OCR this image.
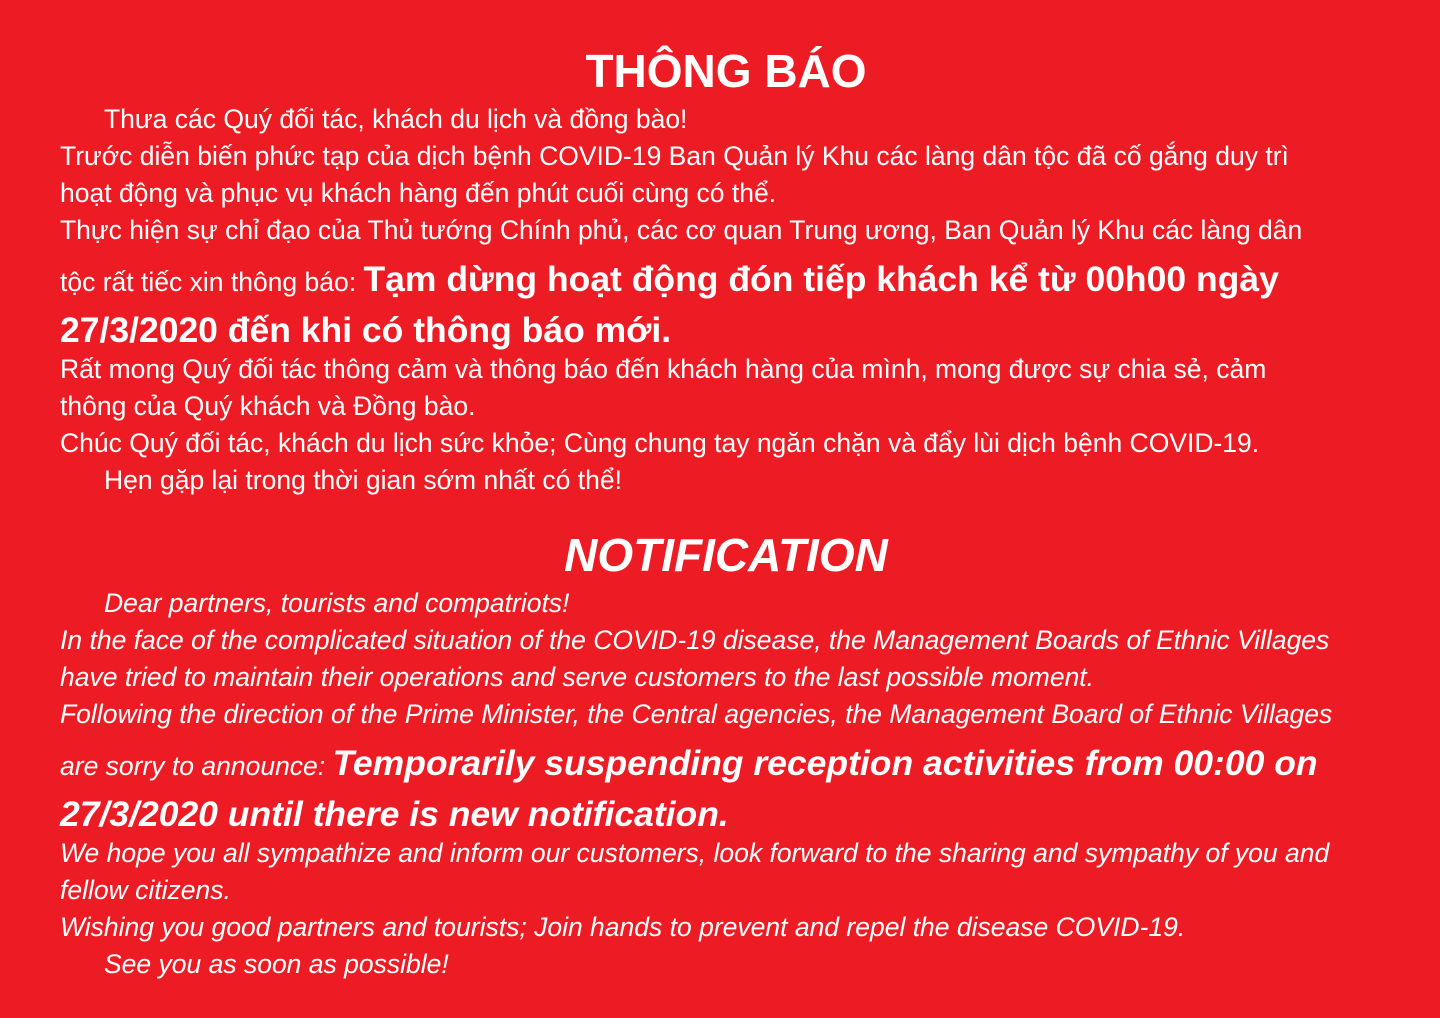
THÔNG BÁO

Thưa các Quý đối tác, khách du lịch và đồng bào!

Trước diễn biến phức tạp của dịch bệnh COVID-19 Ban Quản lý Khu các làng dân tộc đã cố gắng duy trì

hoạt động và phục vụ khách hàng đến phút cuối cùng có thể.

Thực hiện sự chỉ đạo của Thủ tướng Chính phủ, các cơ quan Trung ương, Ban Quản lý Khu các làng dân

tộc rất tiếc xin thông báo: Tạm dừng hoạt động đón tiếp khách kể từ 00h00 ngày

27/3/2020 đến khi có thông báo mới.

Rất mong Quý đối tác thông cảm và thông báo đến khách hàng của mình, mong được sự chia sẻ, cảm

thông của Quý khách và Đồng bào.

Chúc Quý đối tác, khách du lịch sức khỏe; Cùng chung tay ngăn chặn và đẩy lùi dịch bệnh COVID-19.

Hẹn gặp lại trong thời gian sớm nhất có thể!

NOTIFICATION

Dear partners, tourists and compatriots!

In the face of the complicated situation of the COVID-19 disease, the Management Boards of Ethnic Villages

have tried to maintain their operations and serve customers to the last possible moment.

Following the direction of the Prime Minister, the Central agencies, the Management Board of Ethnic Villages

are sorry to announce: Temporarily suspending reception activities from 00:00 on

27/3/2020 until there is new notification.

We hope you all sympathize and inform our customers, look forward to the sharing and sympathy of you and

fellow citizens.

Wishing you good partners and tourists; Join hands to prevent and repel the disease COVID-19.

See you as soon as possible!
